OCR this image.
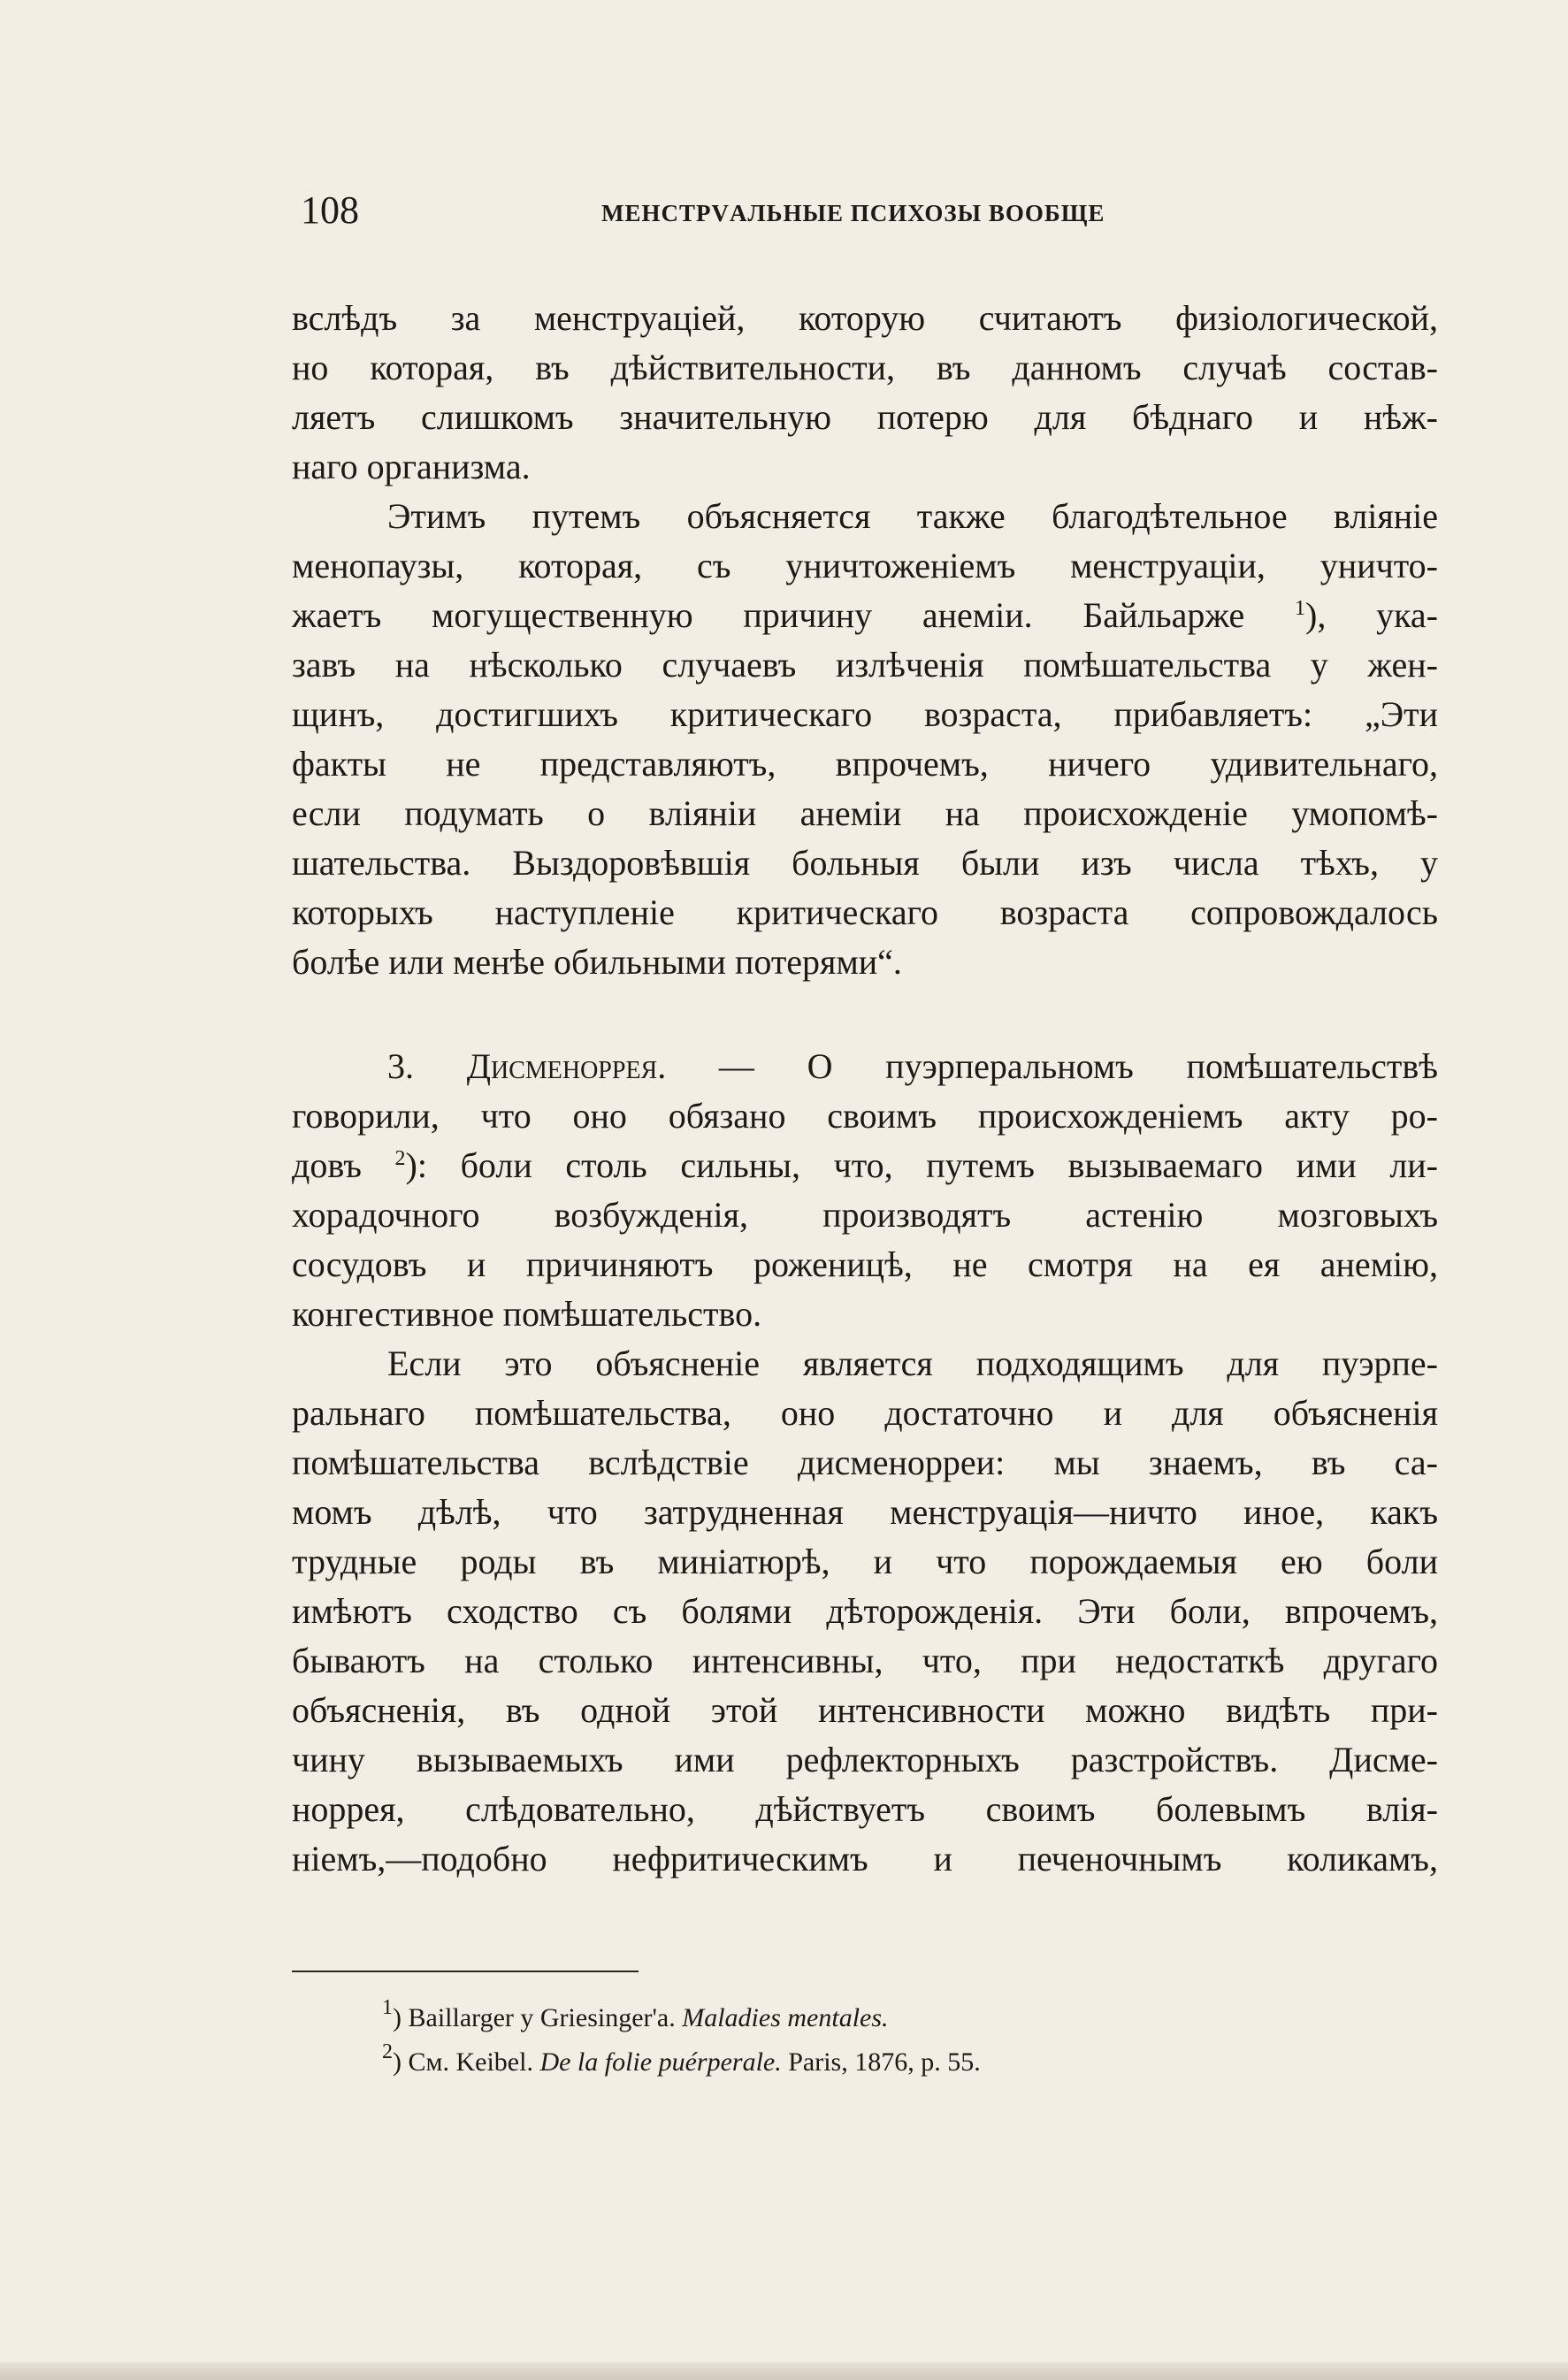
108	МЕНСТРVАЛЬНЫЕ ПСИХОЗЫ ВООБЩЕ
вслѣдъ за менструаціей, которую считаютъ физіологической,
но которая, въ дѣйствительности, въ данномъ случаѣ состав-
ляетъ слишкомъ значительную потерю для бѣднаго и нѣж-
наго организма.
Этимъ путемъ объясняется также благодѣтельное вліяніе
менопаузы, которая, съ уничтоженіемъ менструаціи, уничто-
жаетъ могущественную причину анеміи. Байльарже $^1$), ука-
завъ на нѣсколько случаевъ излѣченія помѣшательства у жен-
щинъ, достигшихъ критическаго возраста, прибавляетъ: „Эти
факты не представляютъ, впрочемъ, ничего удивительнаго,
если подумать о вліяніи анеміи на происхожденіе умопомѣ-
шательства. Выздоровѣвшія больныя были изъ числа тѣхъ, у
которыхъ наступленіе критическаго возраста сопровождалось
болѣе или менѣе обильными потерями“.
3. Дисменоррея. — О пуэрперальномъ помѣшательствѣ
говорили, что оно обязано своимъ происхожденіемъ акту ро-
довъ $^2$): боли столь сильны, что, путемъ вызываемаго ими ли-
хорадочного возбужденія, производятъ астенію мозговыхъ
сосудовъ и причиняютъ роженицѣ, не смотря на ея анемію,
конгестивное помѣшательство.
Если это объясненіе является подходящимъ для пуэрпе-
ральнаго помѣшательства, оно достаточно и для объясненія
помѣшательства вслѣдствіе дисменорреи: мы знаемъ, въ са-
момъ дѣлѣ, что затрудненная менструація—ничто иное, какъ
трудные роды въ миніатюрѣ, и что порождаемыя ею боли
имѣютъ сходство съ болями дѣторожденія. Эти боли, впрочемъ,
бываютъ на столько интенсивны, что, при недостаткѣ другаго
объясненія, въ одной этой интенсивности можно видѣть при-
чину вызываемыхъ ими рефлекторныхъ разстройствъ. Дисме-
норрея, слѣдовательно, дѣйствуетъ своимъ болевымъ влія-
ніемъ,—подобно нефритическимъ и печеночнымъ коликамъ,
$^1$) Baillarger у Griesinger'a. Maladies mentales.
$^2$) См. Keibel. De la folie puérperale. Paris, 1876, p. 55.
